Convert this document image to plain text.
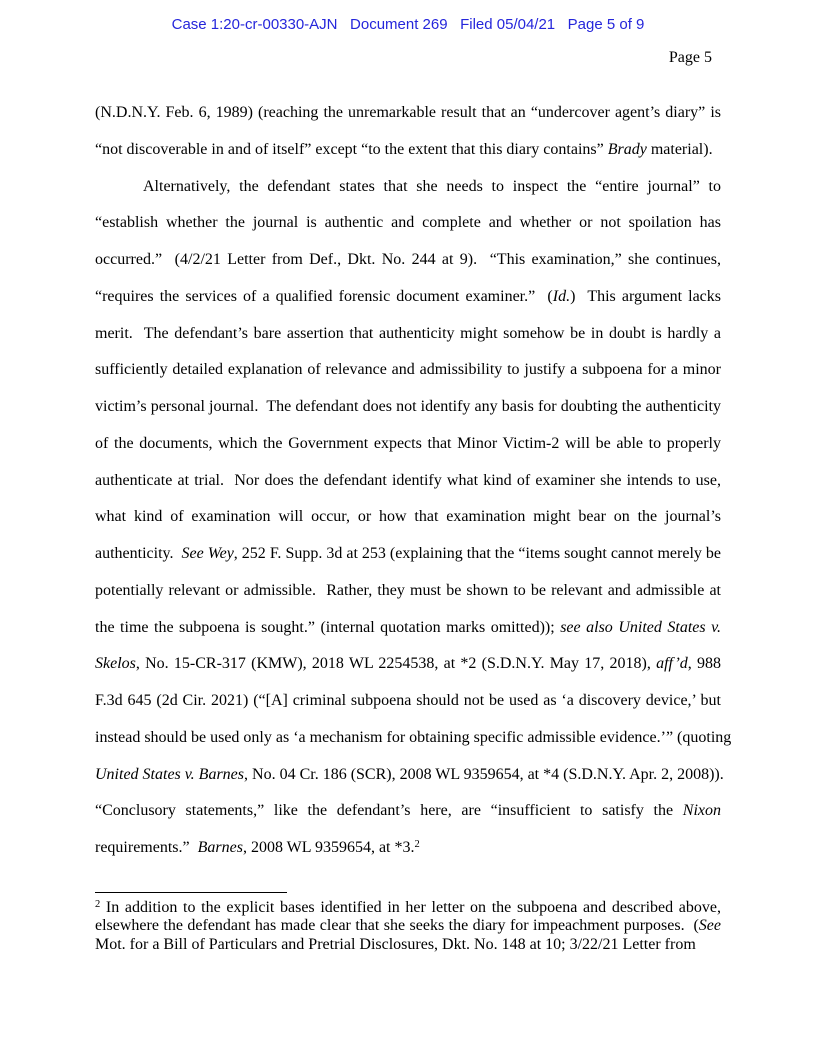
Case 1:20-cr-00330-AJN   Document 269   Filed 05/04/21   Page 5 of 9
Page 5
(N.D.N.Y. Feb. 6, 1989) (reaching the unremarkable result that an “undercover agent’s diary” is
“not discoverable in and of itself” except “to the extent that this diary contains” Brady material).
Alternatively, the defendant states that she needs to inspect the “entire journal” to
“establish whether the journal is authentic and complete and whether or not spoilation has
occurred.”  (4/2/21 Letter from Def., Dkt. No. 244 at 9).  “This examination,” she continues,
“requires the services of a qualified forensic document examiner.”  (Id.)  This argument lacks
merit.  The defendant’s bare assertion that authenticity might somehow be in doubt is hardly a
sufficiently detailed explanation of relevance and admissibility to justify a subpoena for a minor
victim’s personal journal.  The defendant does not identify any basis for doubting the authenticity
of the documents, which the Government expects that Minor Victim-2 will be able to properly
authenticate at trial.  Nor does the defendant identify what kind of examiner she intends to use,
what kind of examination will occur, or how that examination might bear on the journal’s
authenticity.  See Wey, 252 F. Supp. 3d at 253 (explaining that the “items sought cannot merely be
potentially relevant or admissible.  Rather, they must be shown to be relevant and admissible at
the time the subpoena is sought.” (internal quotation marks omitted)); see also United States v.
Skelos, No. 15-CR-317 (KMW), 2018 WL 2254538, at *2 (S.D.N.Y. May 17, 2018), aff’d, 988
F.3d 645 (2d Cir. 2021) (“[A] criminal subpoena should not be used as ‘a discovery device,’ but
instead should be used only as ‘a mechanism for obtaining specific admissible evidence.’” (quoting
United States v. Barnes, No. 04 Cr. 186 (SCR), 2008 WL 9359654, at *4 (S.D.N.Y. Apr. 2, 2008)).
“Conclusory statements,” like the defendant’s here, are “insufficient to satisfy the Nixon
requirements.”  Barnes, 2008 WL 9359654, at *3.$^2$
$^2$ In addition to the explicit bases identified in her letter on the subpoena and described above,
elsewhere the defendant has made clear that she seeks the diary for impeachment purposes.  (See
Mot. for a Bill of Particulars and Pretrial Disclosures, Dkt. No. 148 at 10; 3/22/21 Letter from
